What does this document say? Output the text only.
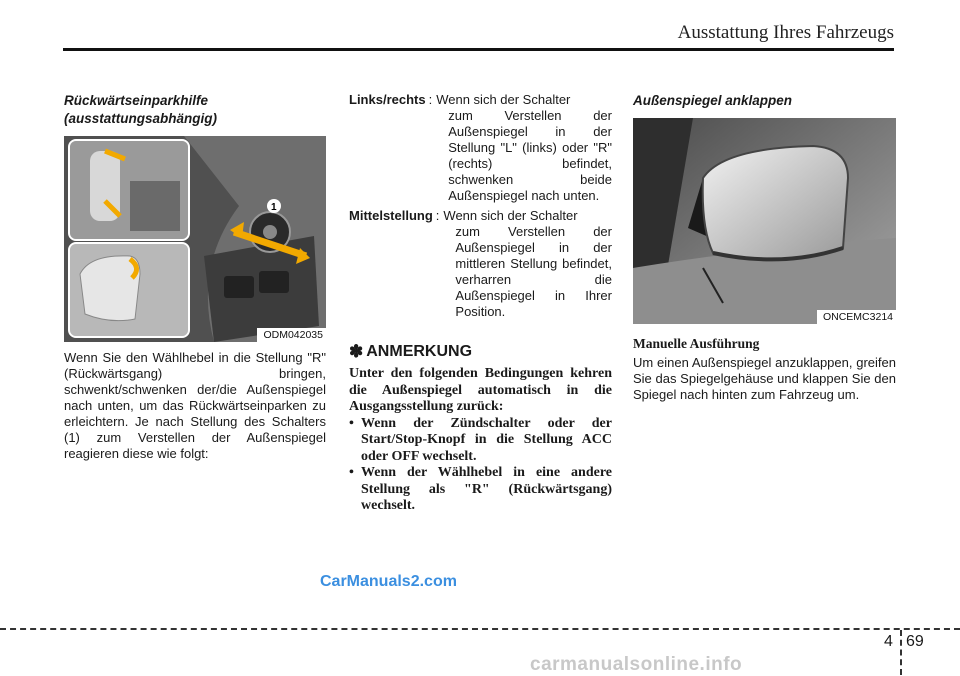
Ausstattung Ihres Fahrzeugs
Rückwärtseinparkhilfe
(ausstattungsabhängig)
1
ODM042035

Wenn Sie den Wählhebel in die Stellung "R" (Rückwärtsgang) bringen, schwenkt/schwenken der/die Außenspiegel nach unten, um das Rückwärtseinparken zu erleichtern. Je nach Stellung des Schalters (1) zum Verstellen der Außenspiegel reagieren diese wie folgt:

Links/rechts : Wenn sich der Schalter
zum Verstellen der Außenspiegel in der Stellung "L" (links) oder "R" (rechts) befindet, schwenken beide Außenspiegel nach unten.
Mittelstellung : Wenn sich der Schalter
zum Verstellen der Außenspiegel in der mittleren Stellung befindet, verharren die Außenspiegel in Ihrer Position.
✽ ANMERKUNG

Unter den folgenden Bedingungen kehren die Außenspiegel automatisch in die Ausgangsstellung zurück:

• Wenn der Zündschalter oder der Start/Stop-Knopf in die Stellung ACC oder OFF wechselt.
• Wenn der Wählhebel in eine andere Stellung als "R" (Rückwärtsgang) wechselt.
Außenspiegel anklappen
ONCEMC3214
Manuelle Ausführung

Um einen Außenspiegel anzuklappen, greifen Sie das Spiegelgehäuse und klappen Sie den Spiegel nach hinten zum Fahrzeug um.

CarManuals2.com
4 69
carmanualsonline.info
